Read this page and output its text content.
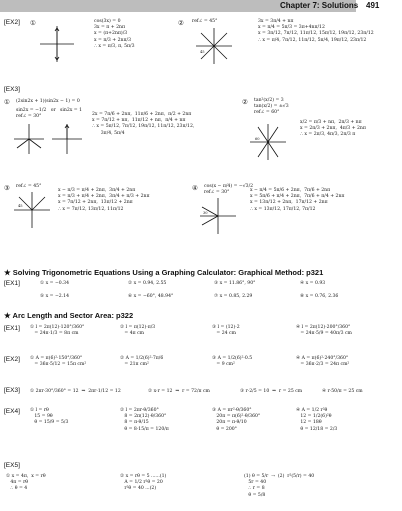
Chapter 7: Solutions 491
[EX2] ①	cos(3x) = 0
3x = π + 2nπ
x = (π+2nπ)/3
x = π/3 + 2nπ/3
∴ x = π/3, π, 5π/3
② ref∠ = 45°
45
3x = 3π/4 + nπ
x = π/4 = 5π/3 = 3π+4nπ/12
x = 3π/12, 7π/12, 11π/12, 15π/12, 19π/12, 23π/12
∴ x = π/4, 7π/12, 11π/12, 5π/4, 19π/12, 23π/12
[EX3]
① (2sin2x + 1)(sin2x − 1) = 0
sin2x = −1/2   or   sin2x = 1
ref∠ = 30°	2x = 7π/6 + 2nπ,  11π/6 + 2nπ,  π/2 + 2nπ
x = 7π/12 + nπ,  11π/12 + nπ,  π/4 + nπ
∴ x = 5π/12, 7π/12, 19π/12, 11π/12, 23π/12,
3π/4, 5π/4
② tan²(x/2) = 3
tan(x/2) = ±√3
ref∠ = 60°
60
x/2 = π/3 + nπ,  2π/3 + nπ
x = 2π/3 + 2nπ,  4π/3 + 2nπ
∴ x = 2π/3, 4π/3, 2π/3 π
③ ref∠ = 45°
45
x − π/3 = π/4 + 2nπ,  3π/4 + 2nπ
x = π/3 + π/4 + 2nπ,  3π/4 + π/3 + 2nπ
x = 7π/12 + 2nπ,  13π/12 + 2nπ
∴ x = 7π/12, 13π/12, 11π/12
④ cos(x − π/4) = −√3/2
ref∠ = 30°
30
x − π/4 = 5π/6 + 2nπ,  7π/6 + 2nπ
x = 5π/6 + π/4 + 2nπ,  7π/6 + π/4 + 2nπ
x = 13π/12 + 2nπ,  17π/12 + 2nπ
∴ x = 13π/12, 17π/12, 7π/12
★ Solving Trigonometric Equations Using a Graphing Calculator: Graphical Method: p321
[EX1]	① x = −0.34	② x = 0.94, 2.55	③ x = 11.86°, 90°	④ x = 0.93
⑤ x = −2.14	⑥ x = −60°, 48.94°	⑦ x = 0.85, 2.29	⑧ x = 0.76, 2.36
★ Arc Length and Sector Area: p322
[EX1] ① l = 2π(12)·120°/360°
= 24π·1/3 = 8π cm
② l = π(12)·π/3
= 4π cm
③ l = (12)·2
= 24 cm
④ l = 2π(12)·200°/360°
= 24π·5/9 = 40π/3 cm
[EX2] ① A = π(6)²·150°/360°
= 36π·5/12 = 15π cm²
② A = 1/2(6)²·7π/6
= 21π cm²
③ A = 1/2(6)²·0.5
= 9 cm²
④ A = π(6)²·240°/360°
= 36π·2/3 = 24π cm²
[EX3] ① 2πr·30°/360° = 12  ⇒  2πr·1/12 = 12	② x·r = 12  ⇒  r = 72/π cm	③ r·2/5 = 10  ⇒  r = 25 cm	④ r·50/π = 25 cm
[EX4] ① l = rθ
15 = 9θ
θ = 15/9 = 5/3
② l = 2πr·θ/360°
8 = 2π(12)·θ/360°
8 = π·θ/15
θ = 8·15/π = 120/π
③ A = πr²·θ/360°
20π = π(6)²·θ/360°
20π = π·θ/10
θ = 200°
④ A = 1/2 r²θ
12 = 1/2(6)²θ
12 = 18θ
θ = 12/18 = 2/3
[EX5]
① x = 4π,  x = rθ
4π = rθ
∴ θ = 4
② x = rθ = 5 ......(1)
A = 1/2 r²θ = 20
r²θ = 40 ...(2)
(1) θ = 5/r  →  (2)  r²(5/r) = 40
5r = 40
∴ r = 8
θ = 5/8
